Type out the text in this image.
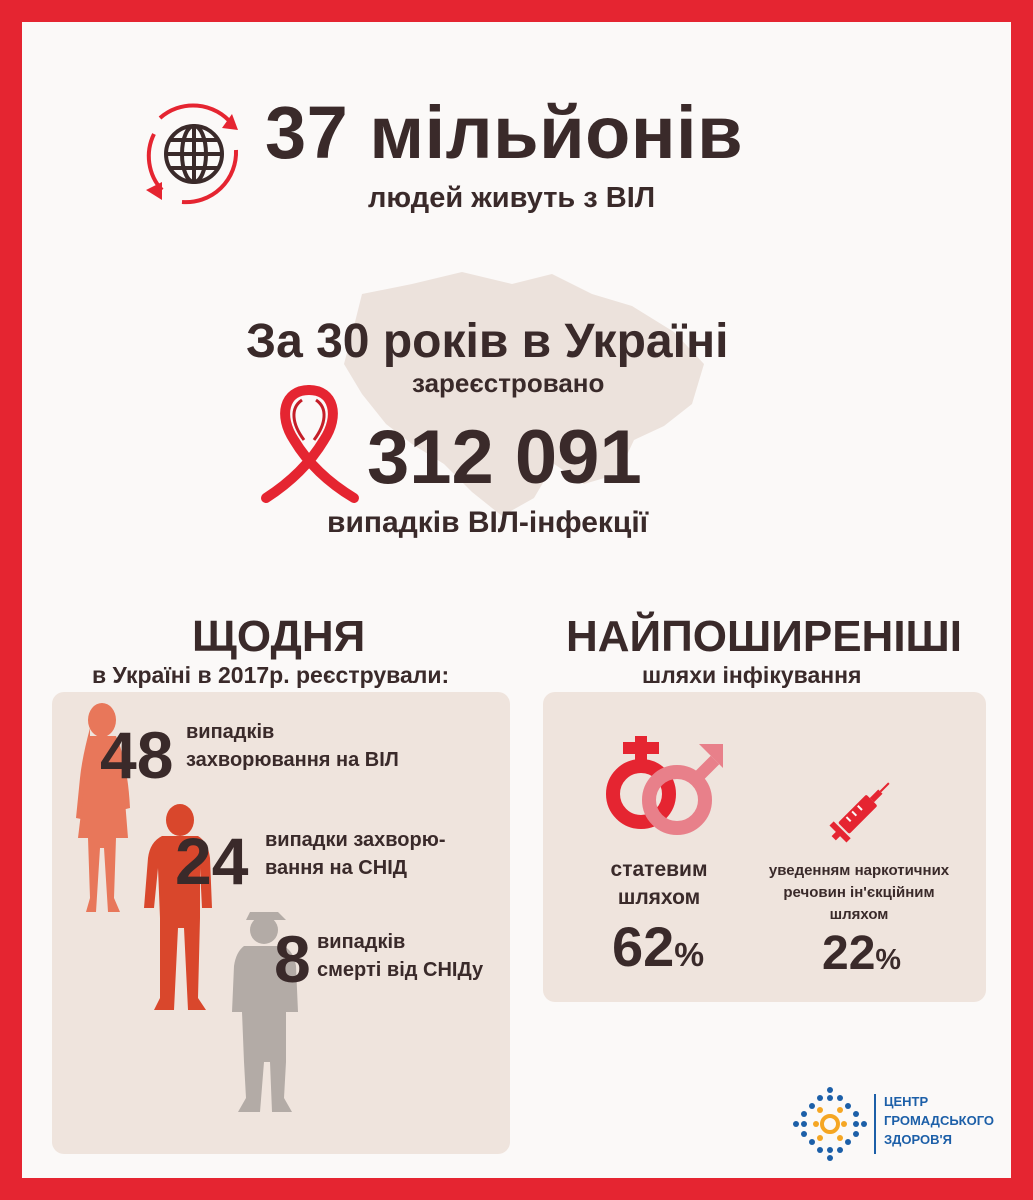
37 мільйонів
людей живуть з ВІЛ
За 30 років в Україні
зареєстровано
312 091
випадків ВІЛ-інфекції
ЩОДНЯ
в Україні в 2017р. реєстрували:
НАЙПОШИРЕНІШІ
шляхи інфікування
48 випадків
захворювання на ВІЛ
24 випадки захворю-
вання на СНІД
8 випадків
смерті від СНІДу
статевим
шляхом
62%
уведенням наркотичних
речовин ін'єкційним
шляхом
22%
ЦЕНТР
ГРОМАДСЬКОГО
ЗДОРОВ'Я
